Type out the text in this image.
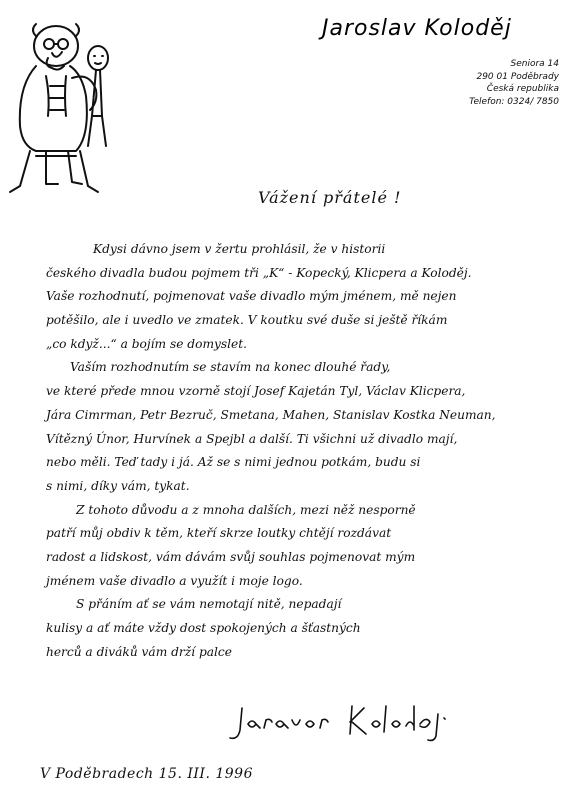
Jaroslav Koloděj
Seniora 14
290 01 Poděbrady
Česká republika
Telefon: 0324/ 7850
Vážení přátelé !
Kdysi dávno jsem v žertu prohlásil, že v historii
českého divadla budou pojmem tři „K“ - Kopecký, Klicpera a Koloděj.
Vaše rozhodnutí, pojmenovat vaše divadlo mým jménem, mě nejen
potěšilo, ale i uvedlo ve zmatek. V koutku své duše si ještě říkám
„co když...“ a bojím se domyslet.
Vaším rozhodnutím se stavím na konec dlouhé řady,
ve které přede mnou vzorně stojí Josef Kajetán Tyl, Václav Klicpera,
Jára Cimrman, Petr Bezruč, Smetana, Mahen, Stanislav Kostka Neuman,
Vítězný Únor, Hurvínek a Spejbl a další. Ti všichni už divadlo mají,
nebo měli. Teď tady i já. Až se s nimi jednou potkám, budu si
s nimi, díky vám, tykat.
Z tohoto důvodu a z mnoha dalších, mezi něž nesporně
patří můj obdiv k těm, kteří skrze loutky chtějí rozdávat
radost a lidskost, vám dávám svůj souhlas pojmenovat mým
jménem vaše divadlo a využít i moje logo.
S přáním ať se vám nemotají nitě, nepadají
kulisy a ať máte vždy dost spokojených a šťastných
herců a diváků vám drží palce
V Poděbradech 15. III. 1996
